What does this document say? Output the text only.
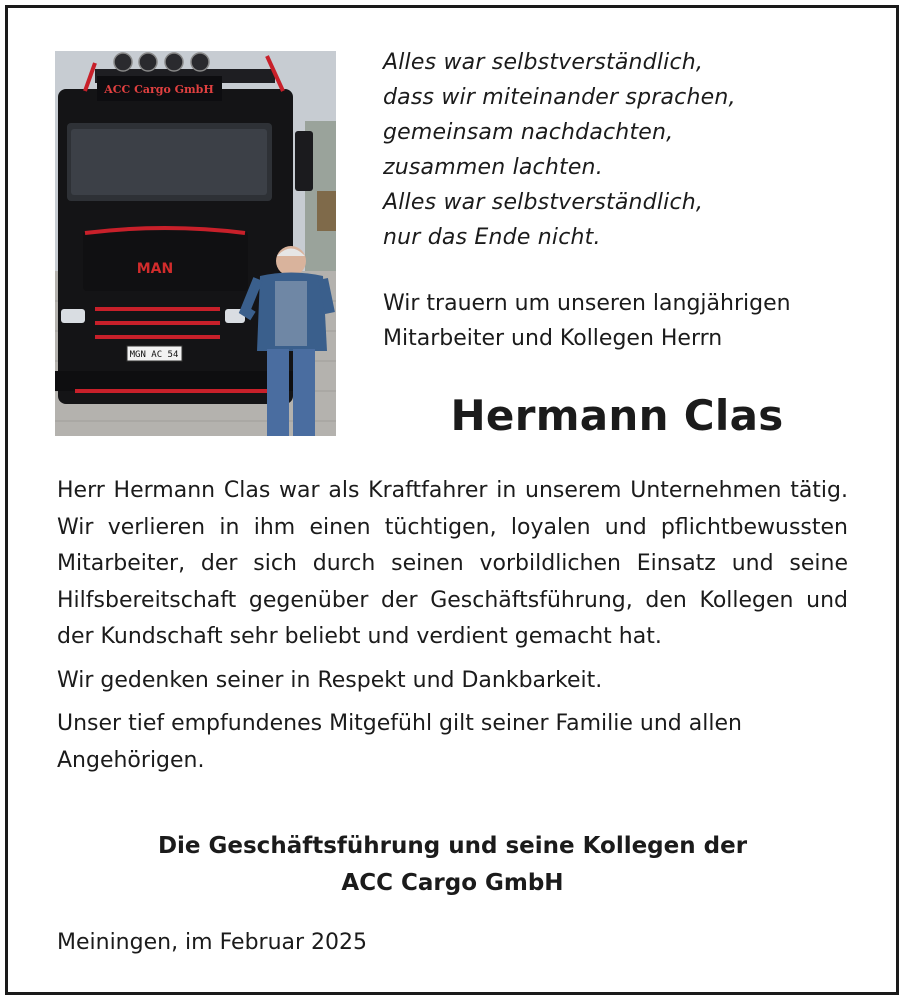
ACC Cargo GmbH
MAN
MGN AC 54
Alles war selbstverständlich,
dass wir miteinander sprachen,
gemeinsam nachdachten,
zusammen lachten.
Alles war selbstverständlich,
nur das Ende nicht.
Wir trauern um unseren langjährigen
Mitarbeiter und Kollegen Herrn
Hermann Clas

Herr Hermann Clas war als Kraftfahrer in unserem Unternehmen tätig. Wir verlieren in ihm einen tüchtigen, loyalen und pflichtbewussten Mitarbeiter, der sich durch seinen vorbildlichen Einsatz und seine Hilfsbereitschaft gegenüber der Geschäftsführung, den Kollegen und der Kundschaft sehr beliebt und verdient gemacht hat.

Wir gedenken seiner in Respekt und Dankbarkeit.

Unser tief empfundenes Mitgefühl gilt seiner Familie und allen Angehörigen.

Die Geschäftsführung und seine Kollegen der
ACC Cargo GmbH
Meiningen, im Februar 2025
